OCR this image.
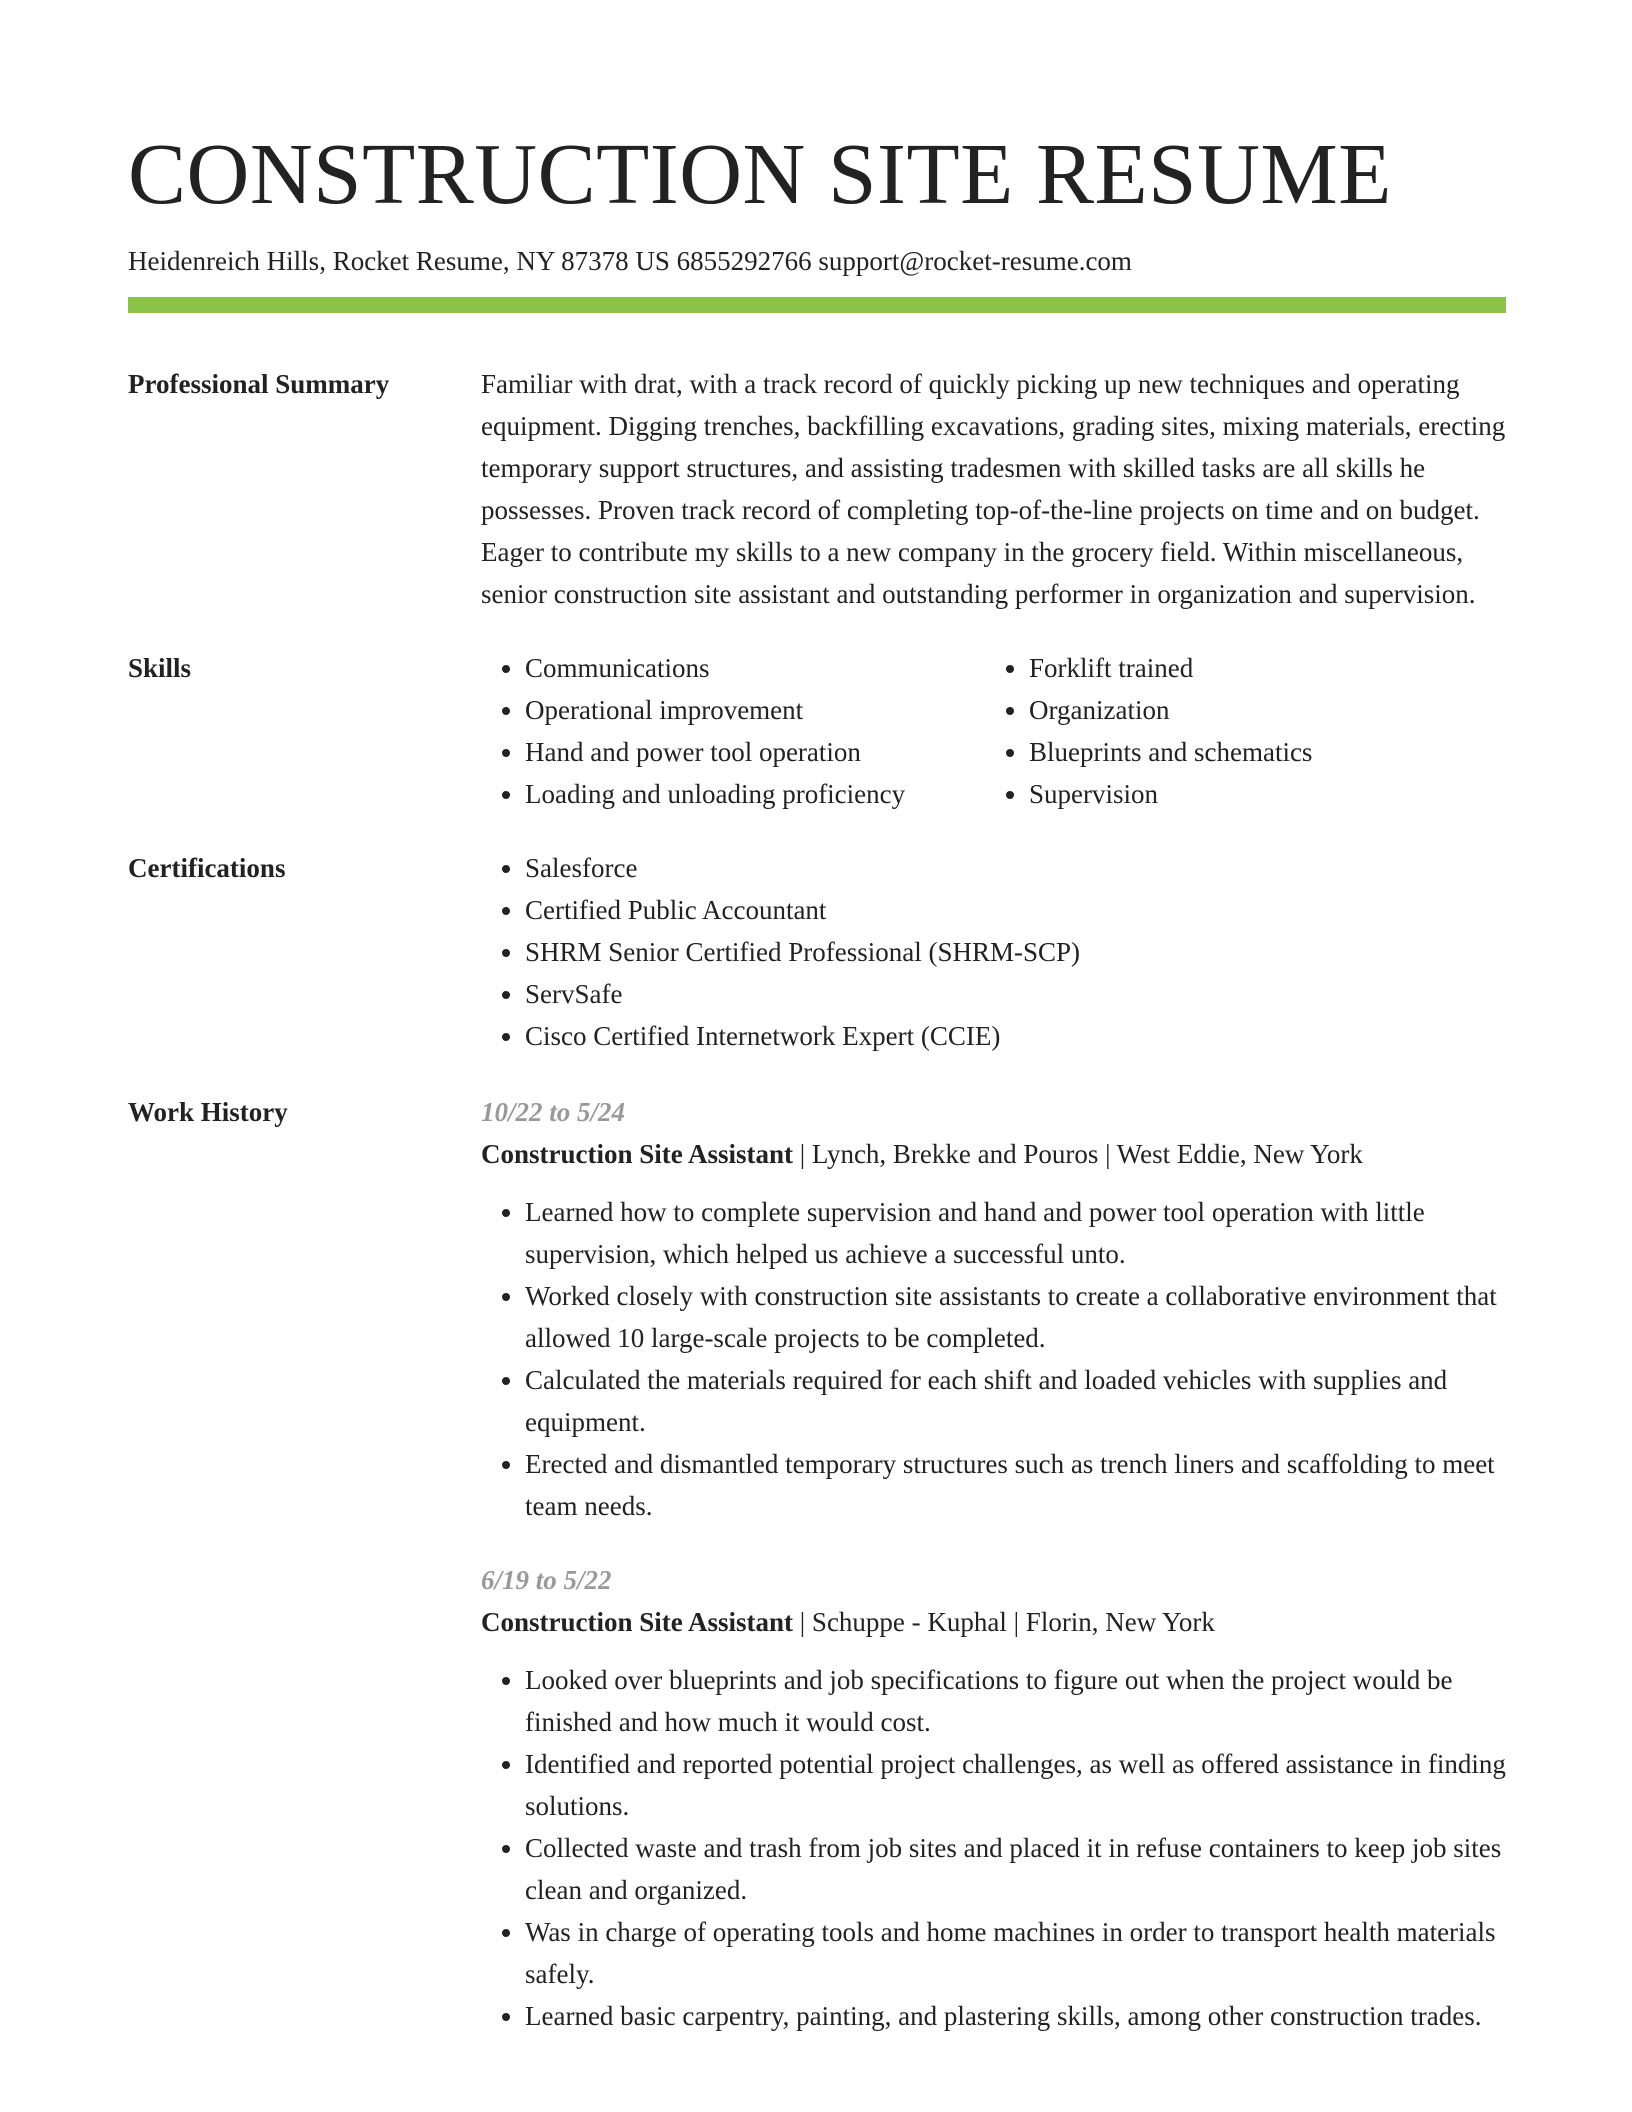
CONSTRUCTION SITE RESUME
Heidenreich Hills, Rocket Resume, NY 87378 US 6855292766 support@rocket-resume.com
Professional Summary	Familiar with drat, with a track record of quickly picking up new techniques and operating equipment. Digging trenches, backfilling excavations, grading sites, mixing materials, erecting temporary support structures, and assisting tradesmen with skilled tasks are all skills he possesses. Proven track record of completing top-of-the-line projects on time and on budget. Eager to contribute my skills to a new company in the grocery field. Within miscellaneous, senior construction site assistant and outstanding performer in organization and supervision.
Skills	• Communications
• Operational improvement
• Hand and power tool operation
• Loading and unloading proficiency
• Forklift trained
• Organization
• Blueprints and schematics
• Supervision
Certifications	• Salesforce
• Certified Public Accountant
• SHRM Senior Certified Professional (SHRM-SCP)
• ServSafe
• Cisco Certified Internetwork Expert (CCIE)
Work History	10/22 to 5/24
Construction Site Assistant | Lynch, Brekke and Pouros | West Eddie, New York
• Learned how to complete supervision and hand and power tool operation with little supervision, which helped us achieve a successful unto.
• Worked closely with construction site assistants to create a collaborative environment that allowed 10 large-scale projects to be completed.
• Calculated the materials required for each shift and loaded vehicles with supplies and equipment.
• Erected and dismantled temporary structures such as trench liners and scaffolding to meet team needs.
6/19 to 5/22
Construction Site Assistant | Schuppe - Kuphal | Florin, New York
• Looked over blueprints and job specifications to figure out when the project would be finished and how much it would cost.
• Identified and reported potential project challenges, as well as offered assistance in finding solutions.
• Collected waste and trash from job sites and placed it in refuse containers to keep job sites clean and organized.
• Was in charge of operating tools and home machines in order to transport health materials safely.
• Learned basic carpentry, painting, and plastering skills, among other construction trades.
